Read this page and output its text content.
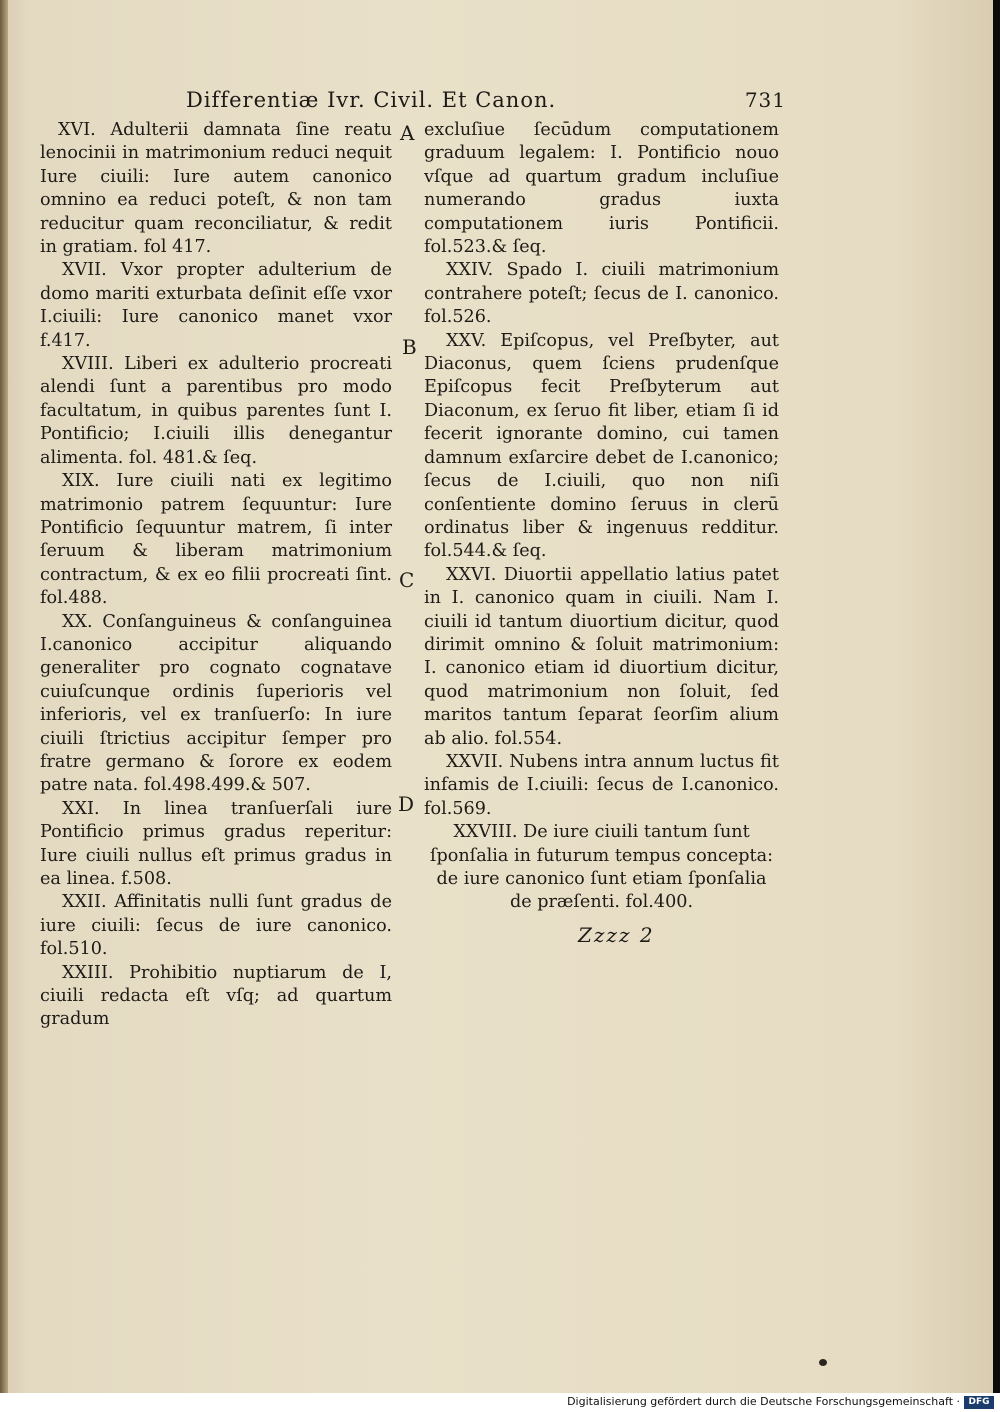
Differentiæ Ivr. Civil. Et Canon.	731

XVI. Adulterii damnata ſine reatu lenocinii in matrimonium reduci nequit Iure ciuili: Iure autem canonico omnino ea reduci poteſt, & non tam reducitur quam reconciliatur, & redit in gratiam. fol 417.

XVII. Vxor propter adulterium de domo mariti exturbata deſinit eſſe vxor I.ciuili: Iure canonico manet vxor f.417.

XVIII. Liberi ex adulterio procreati alendi ſunt a parentibus pro modo facultatum, in quibus parentes ſunt I. Pontificio; I.ciuili illis denegantur alimenta. fol. 481.& ſeq.

XIX. Iure ciuili nati ex legitimo matrimonio patrem ſequuntur: Iure Pontificio ſequuntur matrem, ſi inter ſeruum & liberam matrimonium contractum, & ex eo filii procreati ſint. fol.488.

XX. Conſanguineus & conſanguinea I.canonico accipitur aliquando generaliter pro cognato cognatave cuiuſcunque ordinis ſuperioris vel inferioris, vel ex tranſuerſo: In iure ciuili ſtrictius accipitur ſemper pro fratre germano & ſorore ex eodem patre nata. fol.498.499.& 507.

XXI. In linea tranſuerſali iure Pontificio primus gradus reperitur: Iure ciuili nullus eſt primus gradus in ea linea. f.508.

XXII. Affinitatis nulli ſunt gradus de iure ciuili: ſecus de iure canonico. fol.510.

XXIII. Prohibitio nuptiarum de I, ciuili redacta eſt vſq; ad quartum gradum

excluſiue ſecūdum computationem graduum legalem: I. Pontificio nouo vſque ad quartum gradum incluſiue numerando gradus iuxta computationem iuris Pontificii. fol.523.& ſeq.

XXIV. Spado I. ciuili matrimonium contrahere poteſt; ſecus de I. canonico. fol.526.

XXV. Epiſcopus, vel Preſbyter, aut Diaconus, quem ſciens prudenſque Epiſcopus fecit Preſbyterum aut Diaconum, ex ſeruo fit liber, etiam ſi id fecerit ignorante domino, cui tamen damnum exſarcire debet de I.canonico; ſecus de I.ciuili, quo non niſi conſentiente domino ſeruus in clerū ordinatus liber & ingenuus redditur. fol.544.& ſeq.

XXVI. Diuortii appellatio latius patet in I. canonico quam in ciuili. Nam I. ciuili id tantum diuortium dicitur, quod dirimit omnino & ſoluit matrimonium: I. canonico etiam id diuortium dicitur, quod matrimonium non ſoluit, ſed maritos tantum ſeparat ſeorſim alium ab alio. fol.554.

XXVII. Nubens intra annum luctus fit infamis de I.ciuili: ſecus de I.canonico. fol.569.

XXVIII. De iure ciuili tantum ſunt ſponſalia in futurum tempus concepta: de iure canonico ſunt etiam ſponſalia de præſenti. fol.400.

A
B
C
D
Zzzz 2
Digitalisierung gefördert durch die Deutsche Forschungsgemeinschaft · DFG
